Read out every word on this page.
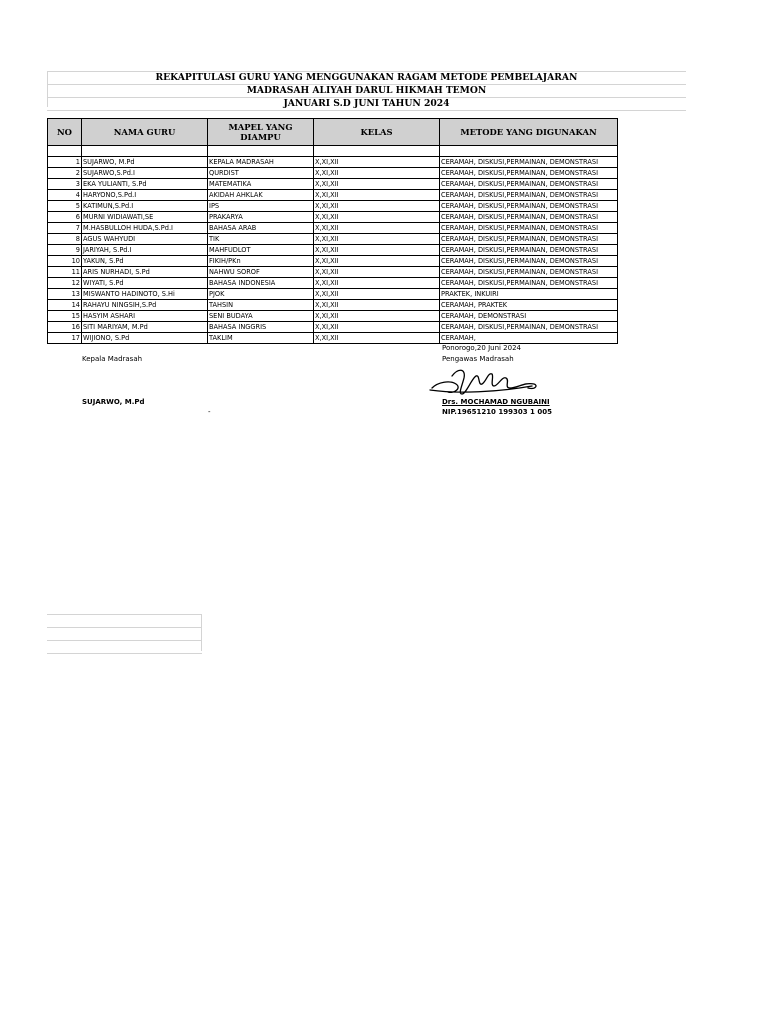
REKAPITULASI GURU YANG MENGGUNAKAN RAGAM METODE PEMBELAJARAN
MADRASAH ALIYAH DARUL HIKMAH TEMON
JANUARI S.D JUNI TAHUN 2024
NO	NAMA GURU	MAPEL YANG DIAMPU	KELAS	METODE YANG DIGUNAKAN

1	SUJARWO, M.Pd	KEPALA MADRASAH	X,XI,XII	CERAMAH, DISKUSI,PERMAINAN, DEMONSTRASI
2	SUJARWO,S.Pd.I	QURDIST	X,XI,XII	CERAMAH, DISKUSI,PERMAINAN, DEMONSTRASI
3	EKA YULIANTI, S.Pd	MATEMATIKA	X,XI,XII	CERAMAH, DISKUSI,PERMAINAN, DEMONSTRASI
4	HARYONO,S.Pd.I	AKIDAH AHKLAK	X,XI,XII	CERAMAH, DISKUSI,PERMAINAN, DEMONSTRASI
5	KATIMUN,S.Pd.I	IPS	X,XI,XII	CERAMAH, DISKUSI,PERMAINAN, DEMONSTRASI
6	MURNI WIDIAWATI,SE	PRAKARYA	X,XI,XII	CERAMAH, DISKUSI,PERMAINAN, DEMONSTRASI
7	M.HASBULLOH HUDA,S.Pd.I	BAHASA ARAB	X,XI,XII	CERAMAH, DISKUSI,PERMAINAN, DEMONSTRASI
8	AGUS WAHYUDI	TIK	X,XI,XII	CERAMAH, DISKUSI,PERMAINAN, DEMONSTRASI
9	JARIYAH, S.Pd.I	MAHFUDLOT	X,XI,XII	CERAMAH, DISKUSI,PERMAINAN, DEMONSTRASI
10	YAKUN, S.Pd	FIKIH/PKn	X,XI,XII	CERAMAH, DISKUSI,PERMAINAN, DEMONSTRASI
11	ARIS NURHADI, S.Pd	NAHWU SOROF	X,XI,XII	CERAMAH, DISKUSI,PERMAINAN, DEMONSTRASI
12	WIYATI, S.Pd	BAHASA INDONESIA	X,XI,XII	CERAMAH, DISKUSI,PERMAINAN, DEMONSTRASI
13	MISWANTO HADINOTO, S.Hi	PJOK	X,XI,XII	PRAKTEK, INKUIRI
14	RAHAYU NINGSIH,S.Pd	TAHSIN	X,XI,XII	CERAMAH, PRAKTEK
15	HASYIM ASHARI	SENI BUDAYA	X,XI,XII	CERAMAH, DEMONSTRASI
16	SITI MARIYAM, M.Pd	BAHASA INGGRIS	X,XI,XII	CERAMAH, DISKUSI,PERMAINAN, DEMONSTRASI
17	WIJIONO, S.Pd	TAKLIM	X,XI,XII	CERAMAH,
Kepala Madrasah
SUJARWO, M.Pd
-
Ponorogo,20 Juni 2024
Pengawas Madrasah
Drs. MOCHAMAD NGUBAINI
NIP.19651210 199303 1 005
